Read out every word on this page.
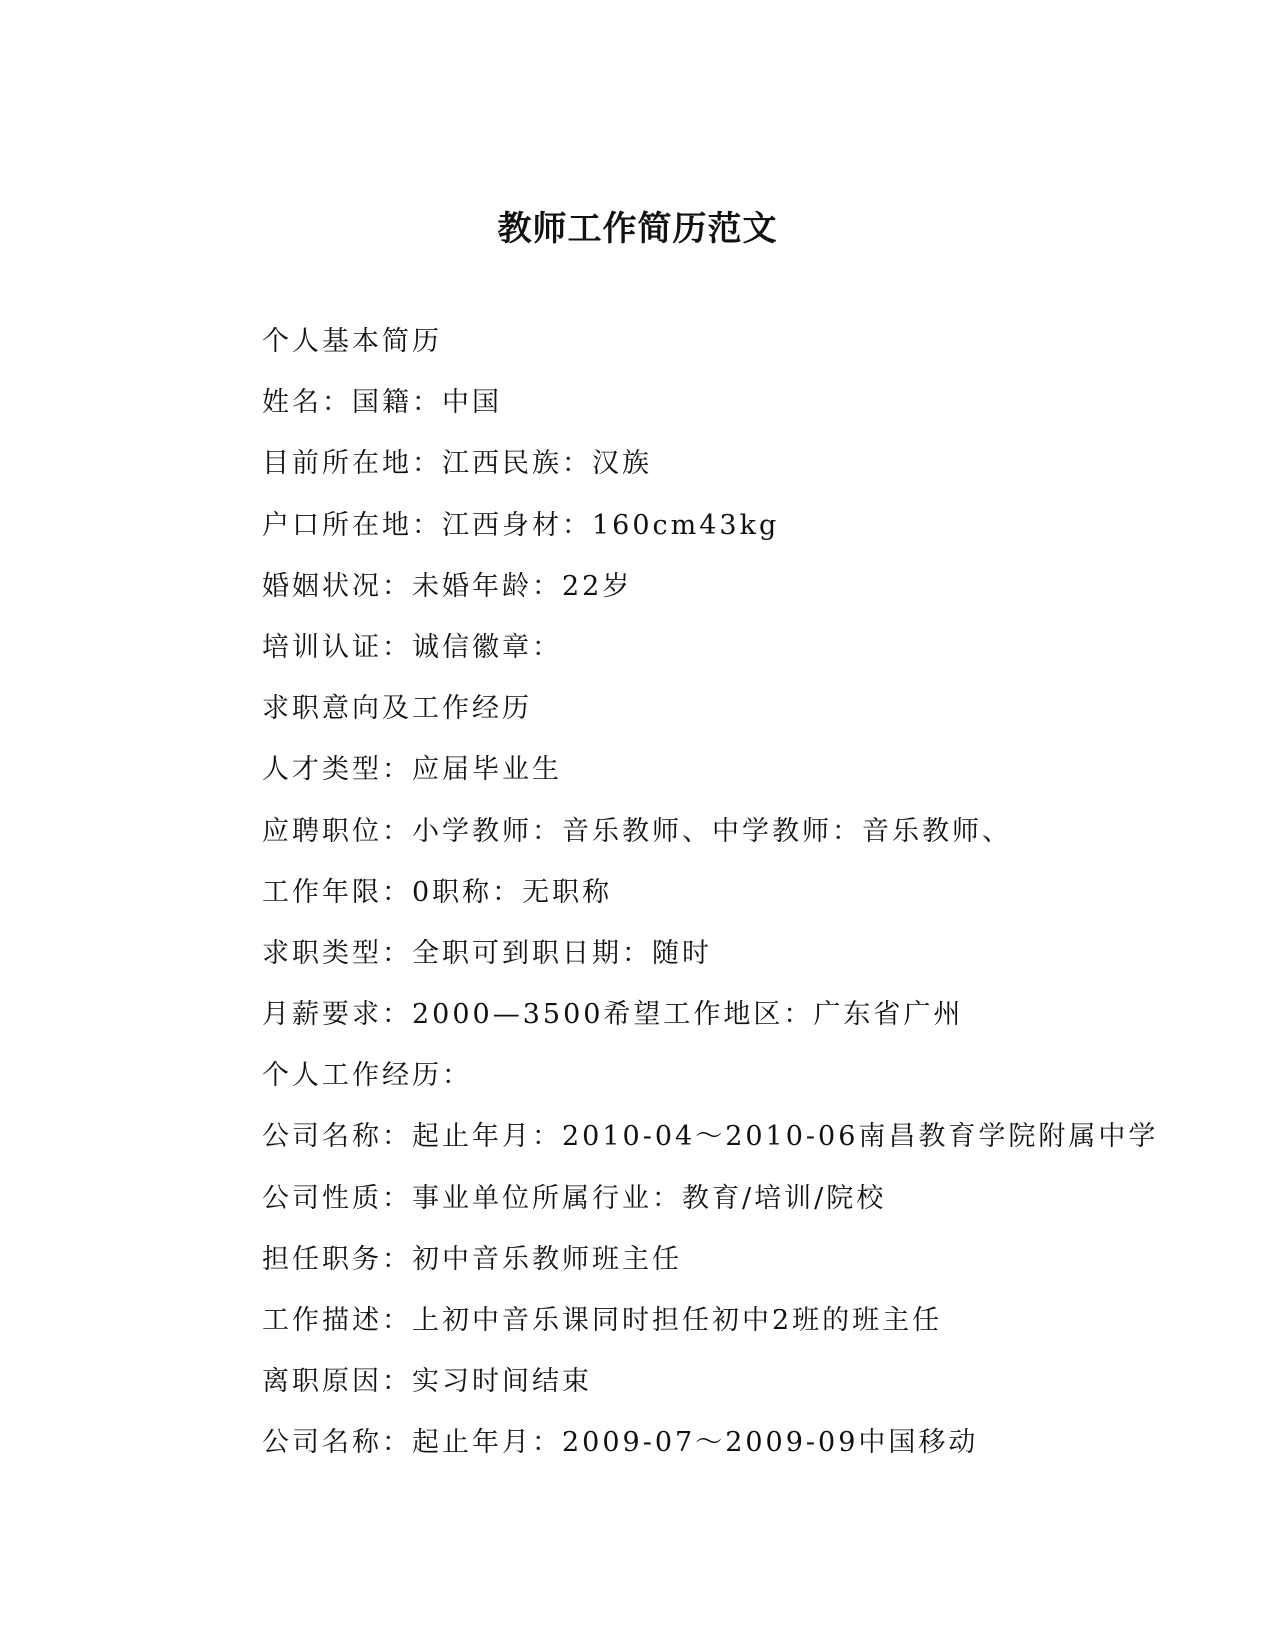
教师工作简历范文
个人基本简历
姓名：国籍：中国
目前所在地：江西民族：汉族
户口所在地：江西身材：160cm43kg
婚姻状况：未婚年龄：22岁
培训认证：诚信徽章：
求职意向及工作经历
人才类型：应届毕业生
应聘职位：小学教师：音乐教师、中学教师：音乐教师、
工作年限：0职称：无职称
求职类型：全职可到职日期：随时
月薪要求：2000—3500希望工作地区：广东省广州
个人工作经历：
公司名称：起止年月：2010-04～2010-06南昌教育学院附属中学
公司性质：事业单位所属行业：教育/培训/院校
担任职务：初中音乐教师班主任
工作描述：上初中音乐课同时担任初中2班的班主任
离职原因：实习时间结束
公司名称：起止年月：2009-07～2009-09中国移动
